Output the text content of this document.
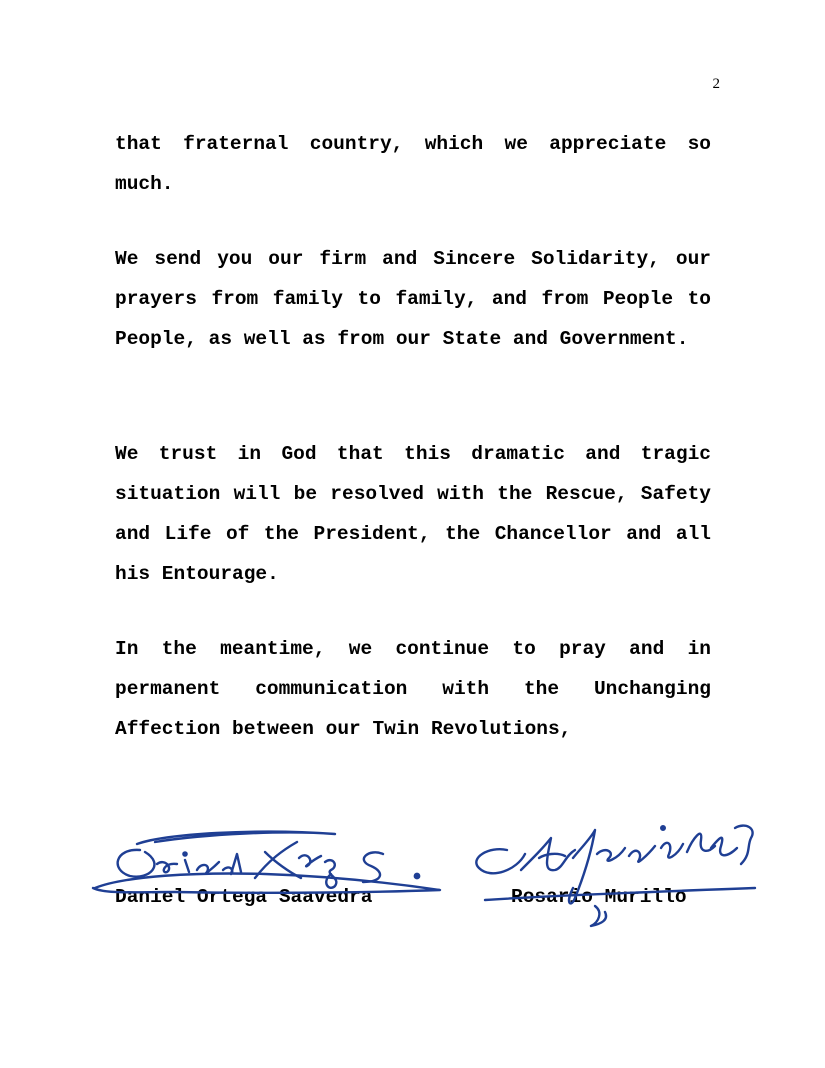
2

that fraternal country, which we appreciate so much.

We send you our firm and Sincere Solidarity, our prayers from family to family, and from People to People, as well as from our State and Government.

We trust in God that this dramatic and tragic situation will be resolved with the Rescue, Safety and Life of the President, the Chancellor and all his Entourage.

In the meantime, we continue to pray and in permanent communication with the Unchanging Affection between our Twin Revolutions,

Daniel Ortega Saavedra	Rosario Murillo
